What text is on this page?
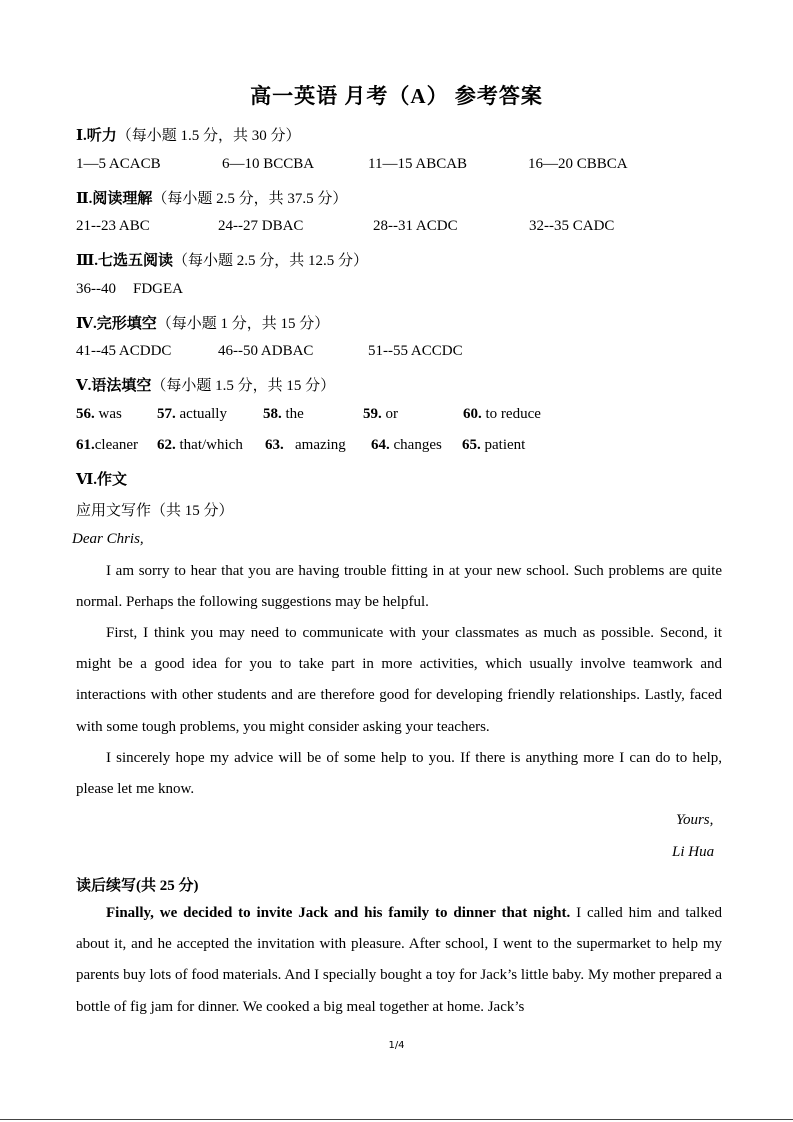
高一英语 月考（A） 参考答案
Ⅰ.听力（每小题 1.5 分，共 30 分）
1—5 ACACB	6—10 BCCBA	11—15 ABCAB	16—20 CBBCA
Ⅱ.阅读理解（每小题 2.5 分，共 37.5 分）
21--23 ABC	24--27 DBAC	28--31 ACDC	32--35 CADC
Ⅲ.七选五阅读（每小题 2.5 分，共 12.5 分）
36--40 FDGEA
Ⅳ.完形填空（每小题 1 分，共 15 分）
41--45 ACDDC	46--50 ADBAC	51--55 ACCDC
Ⅴ.语法填空（每小题 1.5 分，共 15 分）
56. was 57. actually 58. the	59. or	60. to reduce
61.cleaner 62. that/which 63. amazing 64. changes 65. patient
Ⅵ.作文
应用文写作（共 15 分）
Dear Chris,
I am sorry to hear that you are having trouble fitting in at your new school. Such problems are quite normal. Perhaps the following suggestions may be helpful.
First, I think you may need to communicate with your classmates as much as possible. Second, it might be a good idea for you to take part in more activities, which usually involve teamwork and interactions with other students and are therefore good for developing friendly relationships. Lastly, faced with some tough problems, you might consider asking your teachers.
I sincerely hope my advice will be of some help to you. If there is anything more I can do to help, please let me know.
Yours,
Li Hua
读后续写(共 25 分)
Finally, we decided to invite Jack and his family to dinner that night. I called him and talked about it, and he accepted the invitation with pleasure. After school, I went to the supermarket to help my parents buy lots of food materials. And I specially bought a toy for Jack’s little baby. My mother prepared a bottle of fig jam for dinner. We cooked a big meal together at home. Jack’s
1/4
